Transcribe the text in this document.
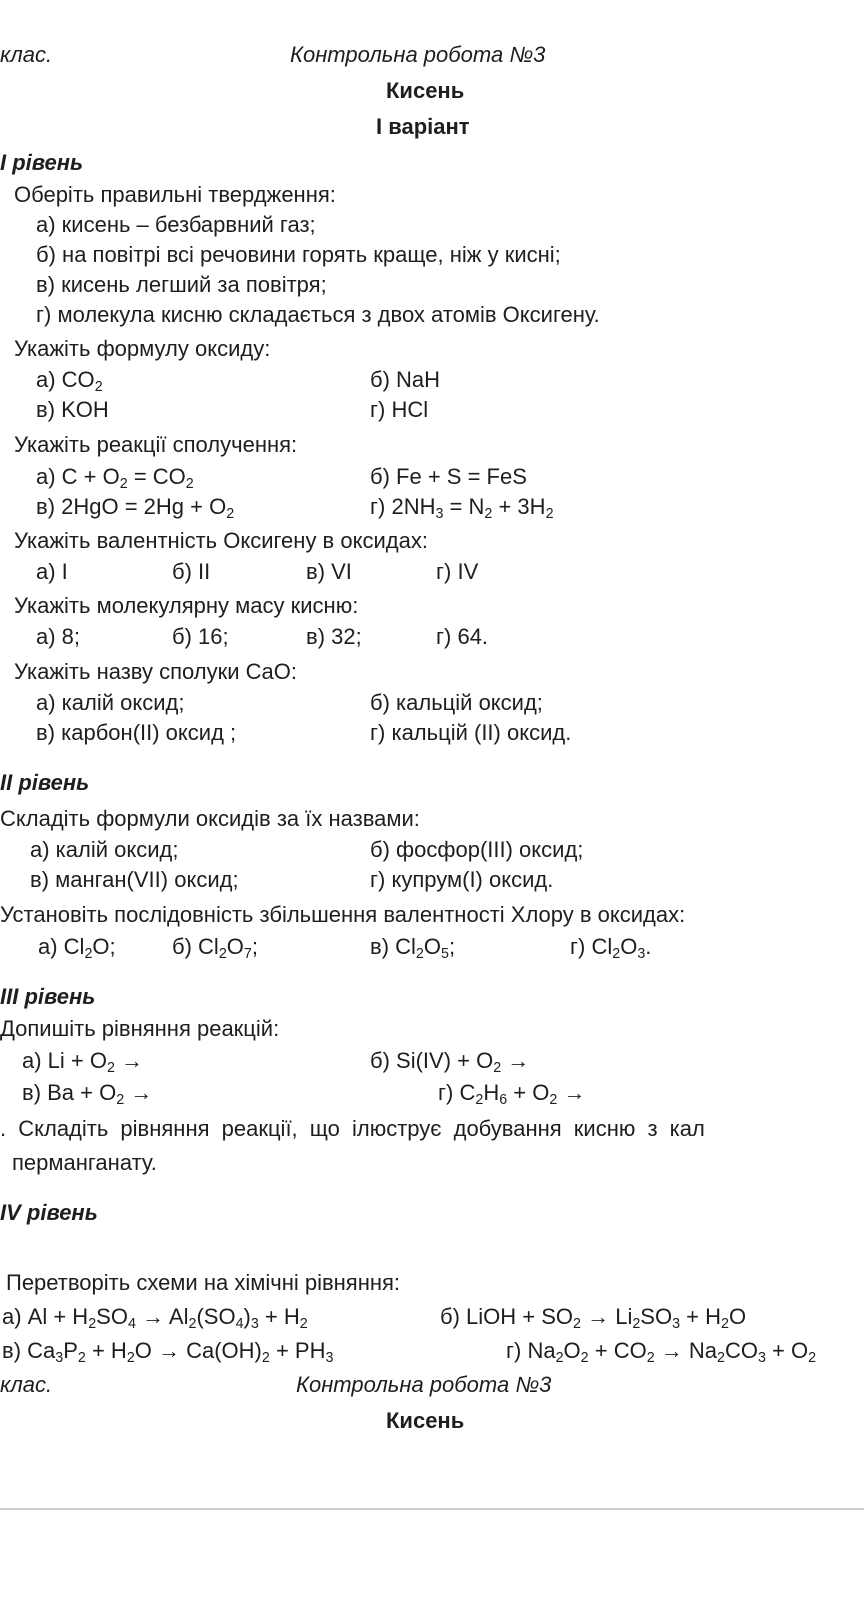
клас.	Контрольна робота №3
Кисень
І варіант
І рівень
Оберіть правильні твердження:
а) кисень – безбарвний газ;
б) на повітрі всі речовини горять краще, ніж у кисні;
в) кисень легший за повітря;
г) молекула кисню складається з двох атомів Оксигену.
Укажіть формулу оксиду:
а) $CO_2$	б) NaH
в) KOH	г) HCl
Укажіть реакції сполучення:
а) $C + O_2 = CO_2$	б) Fe + S = FeS
в) $2HgO = 2Hg + O_2$	г) $2NH_3 = N_2 + 3H_2$
Укажіть валентність Оксигену в оксидах:
а) І	б) ІІ	в) VІ	г) ІV
Укажіть молекулярну масу кисню:
а) 8;	б) 16;	в) 32;	г) 64.
Укажіть назву сполуки CaO:
а) калій оксид;	б) кальцій оксид;
в) карбон(ІІ) оксид ;	г) кальцій (ІІ) оксид.
ІІ рівень
Складіть формули оксидів за їх назвами:
а) калій оксид;	б) фосфор(ІІІ) оксид;
в) манган(VІІ) оксид;	г) купрум(І) оксид.
Установіть послідовність збільшення валентності Хлору в оксидах:
а) $Cl_2O$;	б) $Cl_2O_7$;	в) $Cl_2O_5$;	г) $Cl_2O_3$.
ІІІ рівень
Допишіть рівняння реакцій:
а) $Li + O_2$ →	б) $Si(IV) + O_2$ →
в) $Ba + O_2$ →	г) $C_2H_6 + O_2$ →
. Складіть рівняння реакції, що ілюструє добування кисню з кал
перманганату.
ІV рівень
Перетворіть схеми на хімічні рівняння:
а) $Al + H_2SO_4 \to Al_2(SO_4)_3 + H_2$	б) LiOH + $SO_2 \to Li_2SO_3 + H_2O$
в) $Ca_3P_2 + H_2O \to Ca(OH)_2 + PH_3$	г) $Na_2O_2 + CO_2 \to Na_2CO_3 + O_2$
клас.	Контрольна робота №3
Кисень
